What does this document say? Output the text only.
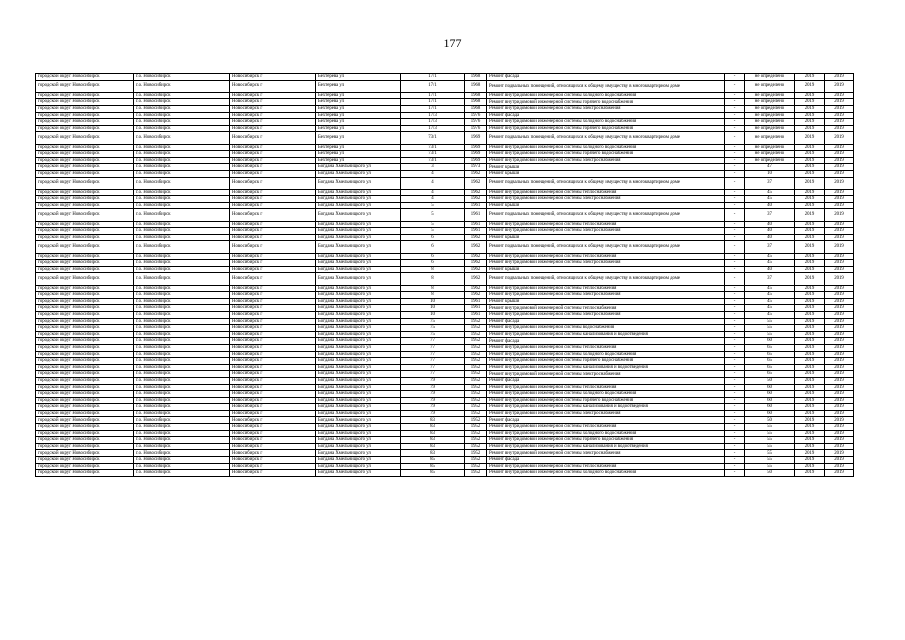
177
городской округ Новосибирск	г.о. Новосибирск	Новосибирск г	Бехтерева ул	17/1	1968	Ремонт фасада	-	не определено	2019	2019
городской округ Новосибирск	г.о. Новосибирск	Новосибирск г	Бехтерева ул	17/1	1968	Ремонт подвальных помещений, относящихся к общему имуществу в многоквартирном доме	-	не определено	2019	2019
городской округ Новосибирск	г.о. Новосибирск	Новосибирск г	Бехтерева ул	17/1	1968	Ремонт внутридомовой инженерной системы холодного водоснабжения	-	не определено	2019	2019
городской округ Новосибирск	г.о. Новосибирск	Новосибирск г	Бехтерева ул	17/1	1968	Ремонт внутридомовой инженерной системы горячего водоснабжения	-	не определено	2019	2019
городской округ Новосибирск	г.о. Новосибирск	Новосибирск г	Бехтерева ул	17/1	1968	Ремонт внутридомовой инженерной системы электроснабжения	-	не определено	2019	2019
городской округ Новосибирск	г.о. Новосибирск	Новосибирск г	Бехтерева ул	17/3	1976	Ремонт фасада	-	не определено	2019	2019
городской округ Новосибирск	г.о. Новосибирск	Новосибирск г	Бехтерева ул	17/3	1976	Ремонт внутридомовой инженерной системы холодного водоснабжения	-	не определено	2019	2019
городской округ Новосибирск	г.о. Новосибирск	Новосибирск г	Бехтерева ул	17/3	1976	Ремонт внутридомовой инженерной системы горячего водоснабжения	-	не определено	2019	2019
городской округ Новосибирск	г.о. Новосибирск	Новосибирск г	Бехтерева ул	73/1	1969	Ремонт подвальных помещений, относящихся к общему имуществу в многоквартирном доме	-	не определено	2019	2019
городской округ Новосибирск	г.о. Новосибирск	Новосибирск г	Бехтерева ул	73/1	1969	Ремонт внутридомовой инженерной системы холодного водоснабжения	-	не определено	2019	2019
городской округ Новосибирск	г.о. Новосибирск	Новосибирск г	Бехтерева ул	73/1	1969	Ремонт внутридомовой инженерной системы горячего водоснабжения	-	не определено	2019	2019
городской округ Новосибирск	г.о. Новосибирск	Новосибирск г	Бехтерева ул	73/1	1969	Ремонт внутридомовой инженерной системы электроснабжения	-	не определено	2019	2019
городской округ Новосибирск	г.о. Новосибирск	Новосибирск г	Богдана Хмельницкого ул	3	1973	Ремонт крыши	-	47	2019	2019
городской округ Новосибирск	г.о. Новосибирск	Новосибирск г	Богдана Хмельницкого ул	4	1962	Ремонт крыши	-	10	2019	2019
городской округ Новосибирск	г.о. Новосибирск	Новосибирск г	Богдана Хмельницкого ул	4	1962	Ремонт подвальных помещений, относящихся к общему имуществу в многоквартирном доме	-	37	2019	2019
городской округ Новосибирск	г.о. Новосибирск	Новосибирск г	Богдана Хмельницкого ул	4	1962	Ремонт внутридомовой инженерной системы теплоснабжения	-	45	2019	2019
городской округ Новосибирск	г.о. Новосибирск	Новосибирск г	Богдана Хмельницкого ул	4	1962	Ремонт внутридомовой инженерной системы электроснабжения	-	45	2019	2019
городской округ Новосибирск	г.о. Новосибирск	Новосибирск г	Богдана Хмельницкого ул	5	1961	Ремонт крыши	-	40	2019	2019
городской округ Новосибирск	г.о. Новосибирск	Новосибирск г	Богдана Хмельницкого ул	5	1961	Ремонт подвальных помещений, относящихся к общему имуществу в многоквартирном доме	-	37	2019	2019
городской округ Новосибирск	г.о. Новосибирск	Новосибирск г	Богдана Хмельницкого ул	5	1961	Ремонт внутридомовой инженерной системы теплоснабжения	-	40	2019	2019
городской округ Новосибирск	г.о. Новосибирск	Новосибирск г	Богдана Хмельницкого ул	5	1961	Ремонт внутридомовой инженерной системы электроснабжения	-	40	2019	2019
городской округ Новосибирск	г.о. Новосибирск	Новосибирск г	Богдана Хмельницкого ул	6	1962	Ремонт крыши	-	40	2019	2019
городской округ Новосибирск	г.о. Новосибирск	Новосибирск г	Богдана Хмельницкого ул	6	1962	Ремонт подвальных помещений, относящихся к общему имуществу в многоквартирном доме	-	37	2019	2019
городской округ Новосибирск	г.о. Новосибирск	Новосибирск г	Богдана Хмельницкого ул	6	1962	Ремонт внутридомовой инженерной системы теплоснабжения	-	45	2019	2019
городской округ Новосибирск	г.о. Новосибирск	Новосибирск г	Богдана Хмельницкого ул	6	1962	Ремонт внутридомовой инженерной системы электроснабжения	-	45	2019	2019
городской округ Новосибирск	г.о. Новосибирск	Новосибирск г	Богдана Хмельницкого ул	8	1962	Ремонт крыши	-	40	2019	2019
городской округ Новосибирск	г.о. Новосибирск	Новосибирск г	Богдана Хмельницкого ул	8	1962	Ремонт подвальных помещений, относящихся к общему имуществу в многоквартирном доме	-	37	2019	2019
городской округ Новосибирск	г.о. Новосибирск	Новосибирск г	Богдана Хмельницкого ул	8	1962	Ремонт внутридомовой инженерной системы теплоснабжения	-	45	2019	2019
городской округ Новосибирск	г.о. Новосибирск	Новосибирск г	Богдана Хмельницкого ул	8	1962	Ремонт внутридомовой инженерной системы электроснабжения	-	45	2019	2019
городской округ Новосибирск	г.о. Новосибирск	Новосибирск г	Богдана Хмельницкого ул	10	1961	Ремонт крыши	-	45	2019	2019
городской округ Новосибирск	г.о. Новосибирск	Новосибирск г	Богдана Хмельницкого ул	10	1961	Ремонт внутридомовой инженерной системы теплоснабжения	-	45	2019	2019
городской округ Новосибирск	г.о. Новосибирск	Новосибирск г	Богдана Хмельницкого ул	10	1961	Ремонт внутридомовой инженерной системы электроснабжения	-	45	2019	2019
городской округ Новосибирск	г.о. Новосибирск	Новосибирск г	Богдана Хмельницкого ул	75	1952	Ремонт фасада	-	55	2019	2019
городской округ Новосибирск	г.о. Новосибирск	Новосибирск г	Богдана Хмельницкого ул	75	1952	Ремонт внутридомовой инженерной системы водоснабжения	-	55	2019	2019
городской округ Новосибирск	г.о. Новосибирск	Новосибирск г	Богдана Хмельницкого ул	75	1952	Ремонт внутридомовой инженерной системы канализования и водоотведения	-	55	2019	2019
городской округ Новосибирск	г.о. Новосибирск	Новосибирск г	Богдана Хмельницкого ул	77	1952	Ремонт фасада	-	60	2019	2019
городской округ Новосибирск	г.о. Новосибирск	Новосибирск г	Богдана Хмельницкого ул	77	1952	Ремонт внутридомовой инженерной системы теплоснабжения	-	65	2019	2019
городской округ Новосибирск	г.о. Новосибирск	Новосибирск г	Богдана Хмельницкого ул	77	1952	Ремонт внутридомовой инженерной системы холодного водоснабжения	-	65	2019	2019
городской округ Новосибирск	г.о. Новосибирск	Новосибирск г	Богдана Хмельницкого ул	77	1952	Ремонт внутридомовой инженерной системы горячего водоснабжения	-	65	2019	2019
городской округ Новосибирск	г.о. Новосибирск	Новосибирск г	Богдана Хмельницкого ул	77	1952	Ремонт внутридомовой инженерной системы канализования и водоотведения	-	65	2019	2019
городской округ Новосибирск	г.о. Новосибирск	Новосибирск г	Богдана Хмельницкого ул	77	1952	Ремонт внутридомовой инженерной системы электроснабжения	-	65	2019	2019
городской округ Новосибирск	г.о. Новосибирск	Новосибирск г	Богдана Хмельницкого ул	79	1952	Ремонт фасада	-	50	2019	2019
городской округ Новосибирск	г.о. Новосибирск	Новосибирск г	Богдана Хмельницкого ул	79	1952	Ремонт внутридомовой инженерной системы теплоснабжения	-	60	2019	2019
городской округ Новосибирск	г.о. Новосибирск	Новосибирск г	Богдана Хмельницкого ул	79	1952	Ремонт внутридомовой инженерной системы холодного водоснабжения	-	60	2019	2019
городской округ Новосибирск	г.о. Новосибирск	Новосибирск г	Богдана Хмельницкого ул	79	1952	Ремонт внутридомовой инженерной системы горячего водоснабжения	-	60	2019	2019
городской округ Новосибирск	г.о. Новосибирск	Новосибирск г	Богдана Хмельницкого ул	79	1952	Ремонт внутридомовой инженерной системы канализования и водоотведения	-	60	2019	2019
городской округ Новосибирск	г.о. Новосибирск	Новосибирск г	Богдана Хмельницкого ул	79	1952	Ремонт внутридомовой инженерной системы электроснабжения	-	60	2019	2019
городской округ Новосибирск	г.о. Новосибирск	Новосибирск г	Богдана Хмельницкого ул	83	1952	Ремонт фасада	-	50	2019	2019
городской округ Новосибирск	г.о. Новосибирск	Новосибирск г	Богдана Хмельницкого ул	83	1952	Ремонт внутридомовой инженерной системы теплоснабжения	-	55	2019	2019
городской округ Новосибирск	г.о. Новосибирск	Новосибирск г	Богдана Хмельницкого ул	83	1952	Ремонт внутридомовой инженерной системы холодного водоснабжения	-	55	2019	2019
городской округ Новосибирск	г.о. Новосибирск	Новосибирск г	Богдана Хмельницкого ул	83	1952	Ремонт внутридомовой инженерной системы горячего водоснабжения	-	55	2019	2019
городской округ Новосибирск	г.о. Новосибирск	Новосибирск г	Богдана Хмельницкого ул	83	1952	Ремонт внутридомовой инженерной системы канализования и водоотведения	-	55	2019	2019
городской округ Новосибирск	г.о. Новосибирск	Новосибирск г	Богдана Хмельницкого ул	83	1952	Ремонт внутридомовой инженерной системы электроснабжения	-	55	2019	2019
городской округ Новосибирск	г.о. Новосибирск	Новосибирск г	Богдана Хмельницкого ул	85	1952	Ремонт фасада	-	55	2019	2019
городской округ Новосибирск	г.о. Новосибирск	Новосибирск г	Богдана Хмельницкого ул	85	1952	Ремонт внутридомовой инженерной системы теплоснабжения	-	55	2019	2019
городской округ Новосибирск	г.о. Новосибирск	Новосибирск г	Богдана Хмельницкого ул	85	1952	Ремонт внутридомовой инженерной системы холодного водоснабжения	-	50	2019	2019
